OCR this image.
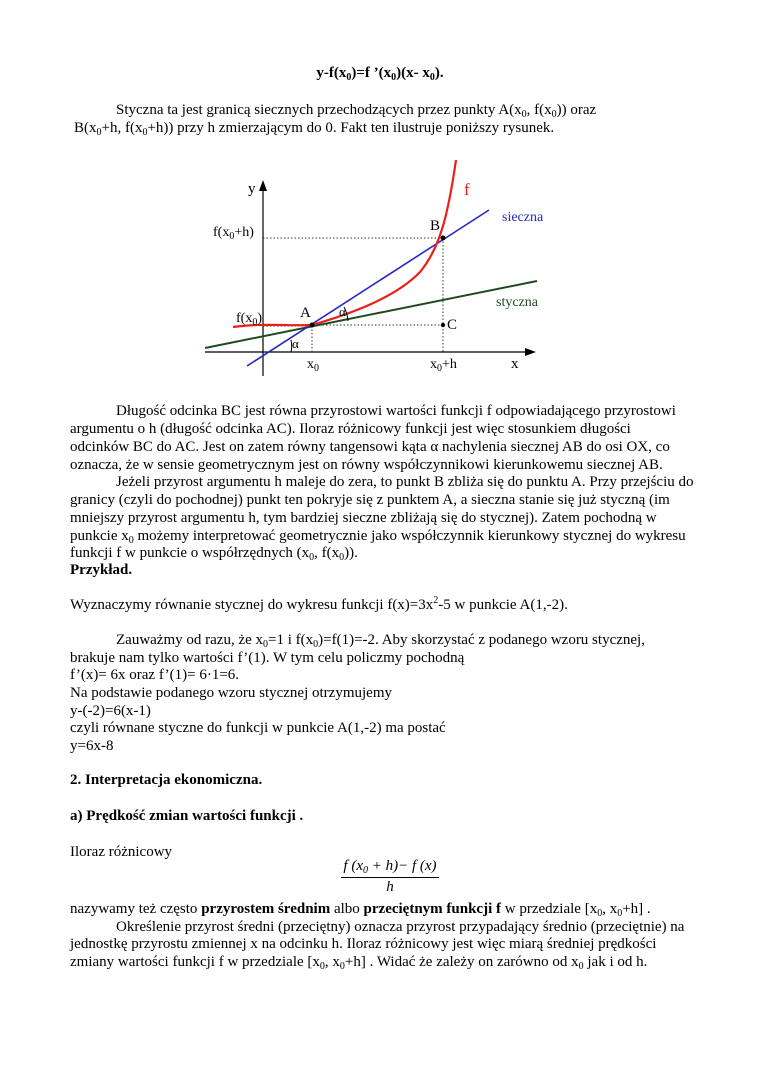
$y-f(x_0)=f$ $’(x_0)(x-$ $x_0$).
Styczna ta jest granicą siecznych przechodzących przez punkty $A(x_0$, $f(x_0)$) oraz
$B(x_0+h$, $f(x_0+h)$) przy h zmierzającym do 0. Fakt ten ilustruje poniższy rysunek.
y
x
f
sieczna
styczna
$f(x_0+h)$
$f(x_0)$	A
B
C
α
α
$x_0$	$x_0+h$
Długość odcinka BC jest równa przyrostowi wartości funkcji f odpowiadającego przyrostowi
argumentu o h (długość odcinka AC). Iloraz różnicowy funkcji jest więc stosunkiem długości
odcinków BC do AC. Jest on zatem równy tangensowi kąta α nachylenia siecznej AB do osi OX, co
oznacza, że w sensie geometrycznym jest on równy współczynnikowi kierunkowemu siecznej AB.
Jeżeli przyrost argumentu h maleje do zera, to punkt B zbliża się do punktu A. Przy przejściu do
granicy (czyli do pochodnej) punkt ten pokryje się z punktem A, a sieczna stanie się już styczną (im
mniejszy przyrost argumentu h, tym bardziej sieczne zbliżają się do stycznej). Zatem pochodną w
punkcie $x_0$ możemy interpretować geometrycznie jako współczynnik kierunkowy stycznej do wykresu
funkcji f w punkcie o współrzędnych ($x_0$, $f(x_0)$).
Przykład.
Wyznaczymy równanie stycznej do wykresu funkcji $f(x)=3x^2-5$ w punkcie A(1,-2).
Zauważmy od razu, że $x_0=1$ i $f(x_0)=f(1)=-2$. Aby skorzystać z podanego wzoru stycznej,
brakuje nam tylko wartości f’(1). W tym celu policzmy pochodną
f’(x)= 6x oraz f’(1)= 6·1=6.
Na podstawie podanego wzoru stycznej otrzymujemy
y-(-2)=6(x-1)
czyli równane styczne do funkcji w punkcie A(1,-2) ma postać
y=6x-8
2. Interpretacja ekonomiczna.
a) Prędkość zmian wartości funkcji .
Iloraz różnicowy
$\frac{f (x_0 + h)- f (x)}{h}$
nazywamy też często przyrostem średnim albo przeciętnym funkcji f w przedziale [$x_0$, $x_0+h$] .
Określenie przyrost średni (przeciętny) oznacza przyrost przypadający średnio (przeciętnie) na
jednostkę przyrostu zmiennej x na odcinku h. Iloraz różnicowy jest więc miarą średniej prędkości
zmiany wartości funkcji f w przedziale [$x_0$, $x_0+h$] . Widać że zależy on zarówno od $x_0$ jak i od h.
